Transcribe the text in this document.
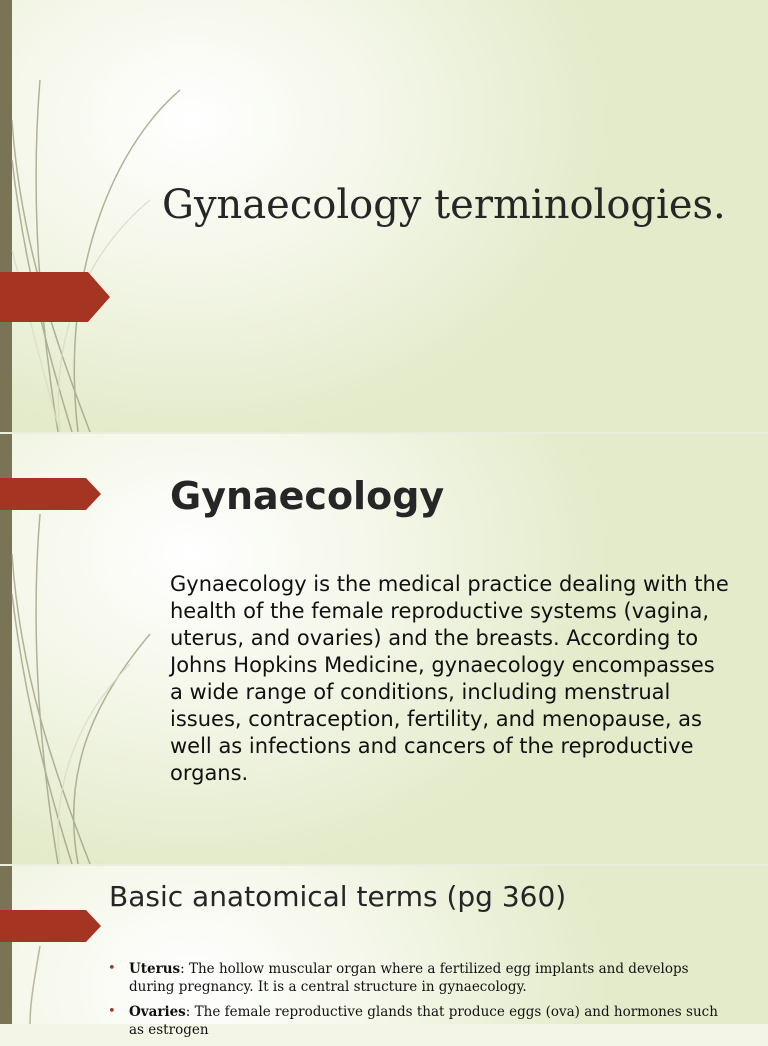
Gynaecology terminologies.
Gynaecology
Gynaecology is the medical practice dealing with the health of the female reproductive systems (vagina, uterus, and ovaries) and the breasts. According to Johns Hopkins Medicine, gynaecology encompasses a wide range of conditions, including menstrual issues, contraception, fertility, and menopause, as well as infections and cancers of the reproductive organs.
Basic anatomical terms (pg 360)
• Uterus: The hollow muscular organ where a fertilized egg implants and develops during pregnancy. It is a central structure in gynaecology.
• Ovaries: The female reproductive glands that produce eggs (ova) and hormones such as estrogen
